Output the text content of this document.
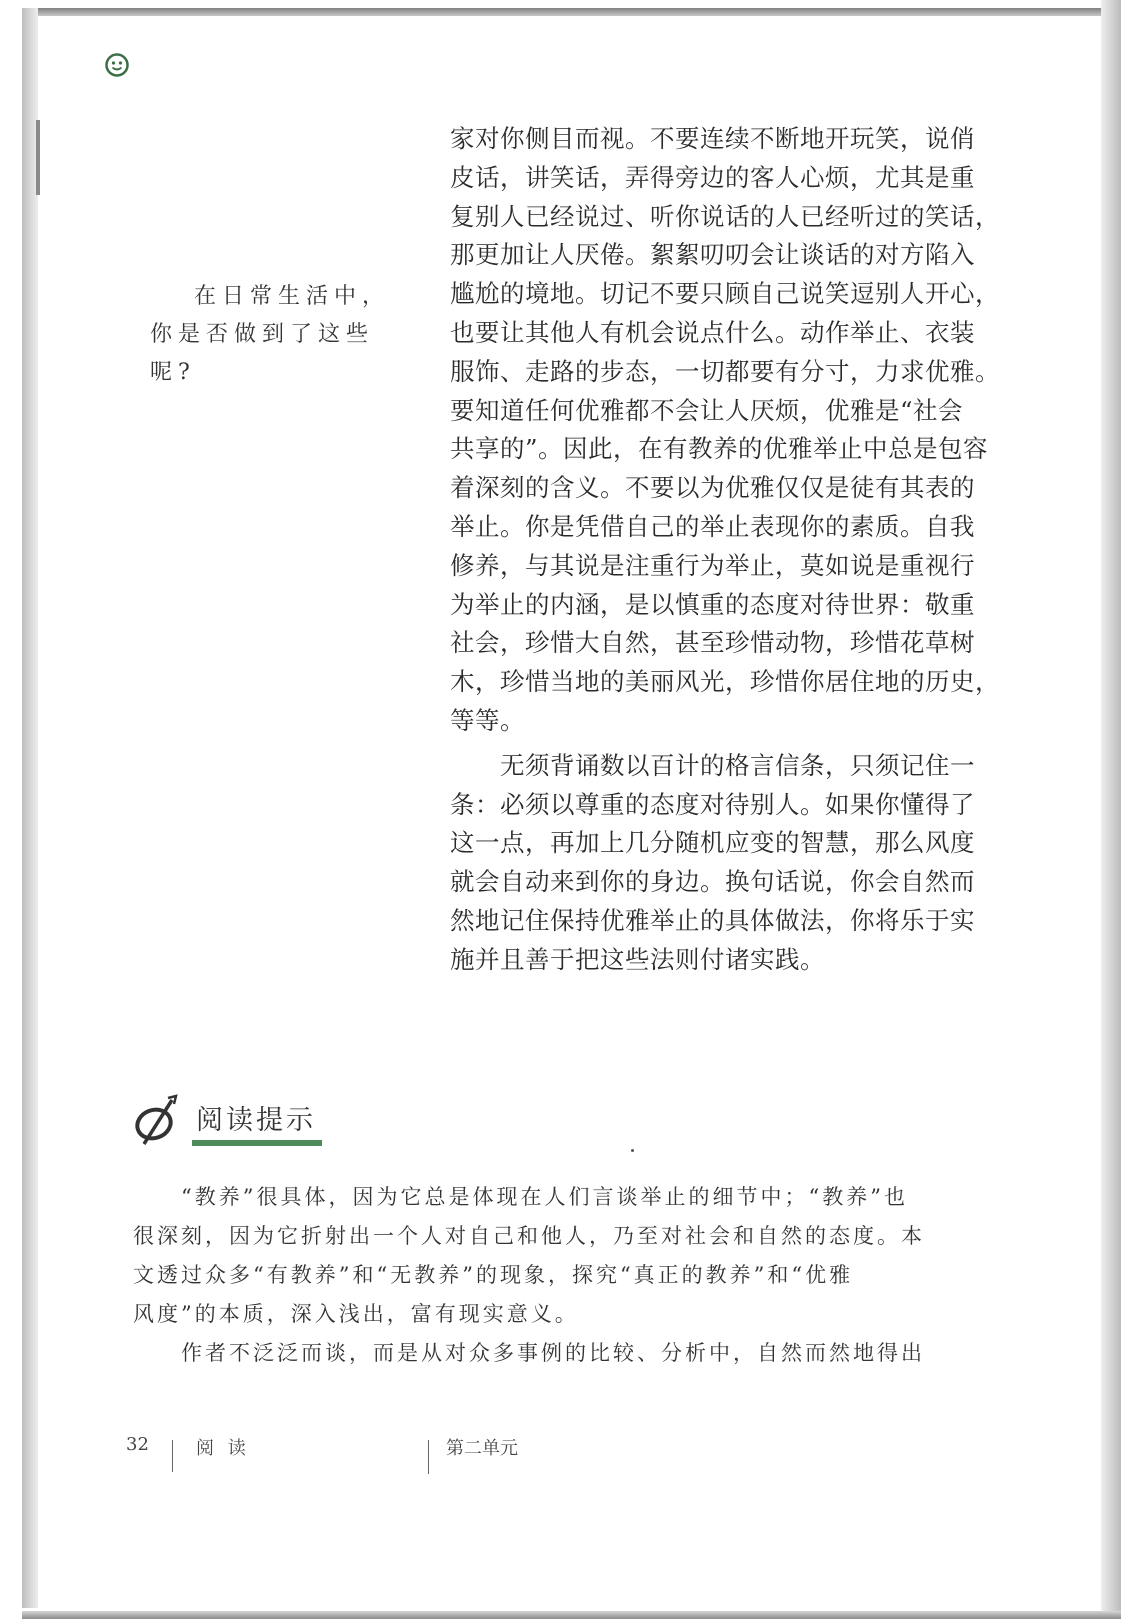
在日常生活中，
你是否做到了这些
呢?
家对你侧目而视。不要连续不断地开玩笑，说俏
皮话，讲笑话，弄得旁边的客人心烦，尤其是重
复别人已经说过、听你说话的人已经听过的笑话，
那更加让人厌倦。絮絮叨叨会让谈话的对方陷入
尴尬的境地。切记不要只顾自己说笑逗别人开心，
也要让其他人有机会说点什么。动作举止、衣装
服饰、走路的步态，一切都要有分寸，力求优雅。
要知道任何优雅都不会让人厌烦，优雅是“社会
共享的”。因此，在有教养的优雅举止中总是包容
着深刻的含义。不要以为优雅仅仅是徒有其表的
举止。你是凭借自己的举止表现你的素质。自我
修养，与其说是注重行为举止，莫如说是重视行
为举止的内涵，是以慎重的态度对待世界：敬重
社会，珍惜大自然，甚至珍惜动物，珍惜花草树
木，珍惜当地的美丽风光，珍惜你居住地的历史，
等等。
　　无须背诵数以百计的格言信条，只须记住一
条：必须以尊重的态度对待别人。如果你懂得了
这一点，再加上几分随机应变的智慧，那么风度
就会自动来到你的身边。换句话说，你会自然而
然地记住保持优雅举止的具体做法，你将乐于实
施并且善于把这些法则付诸实践。
阅读提示
　　“教养”很具体，因为它总是体现在人们言谈举止的细节中；“教养”也
很深刻，因为它折射出一个人对自己和他人，乃至对社会和自然的态度。本
文透过众多“有教养”和“无教养”的现象，探究“真正的教养”和“优雅
风度”的本质，深入浅出，富有现实意义。
　　作者不泛泛而谈，而是从对众多事例的比较、分析中，自然而然地得出
32	阅 读	第二单元
